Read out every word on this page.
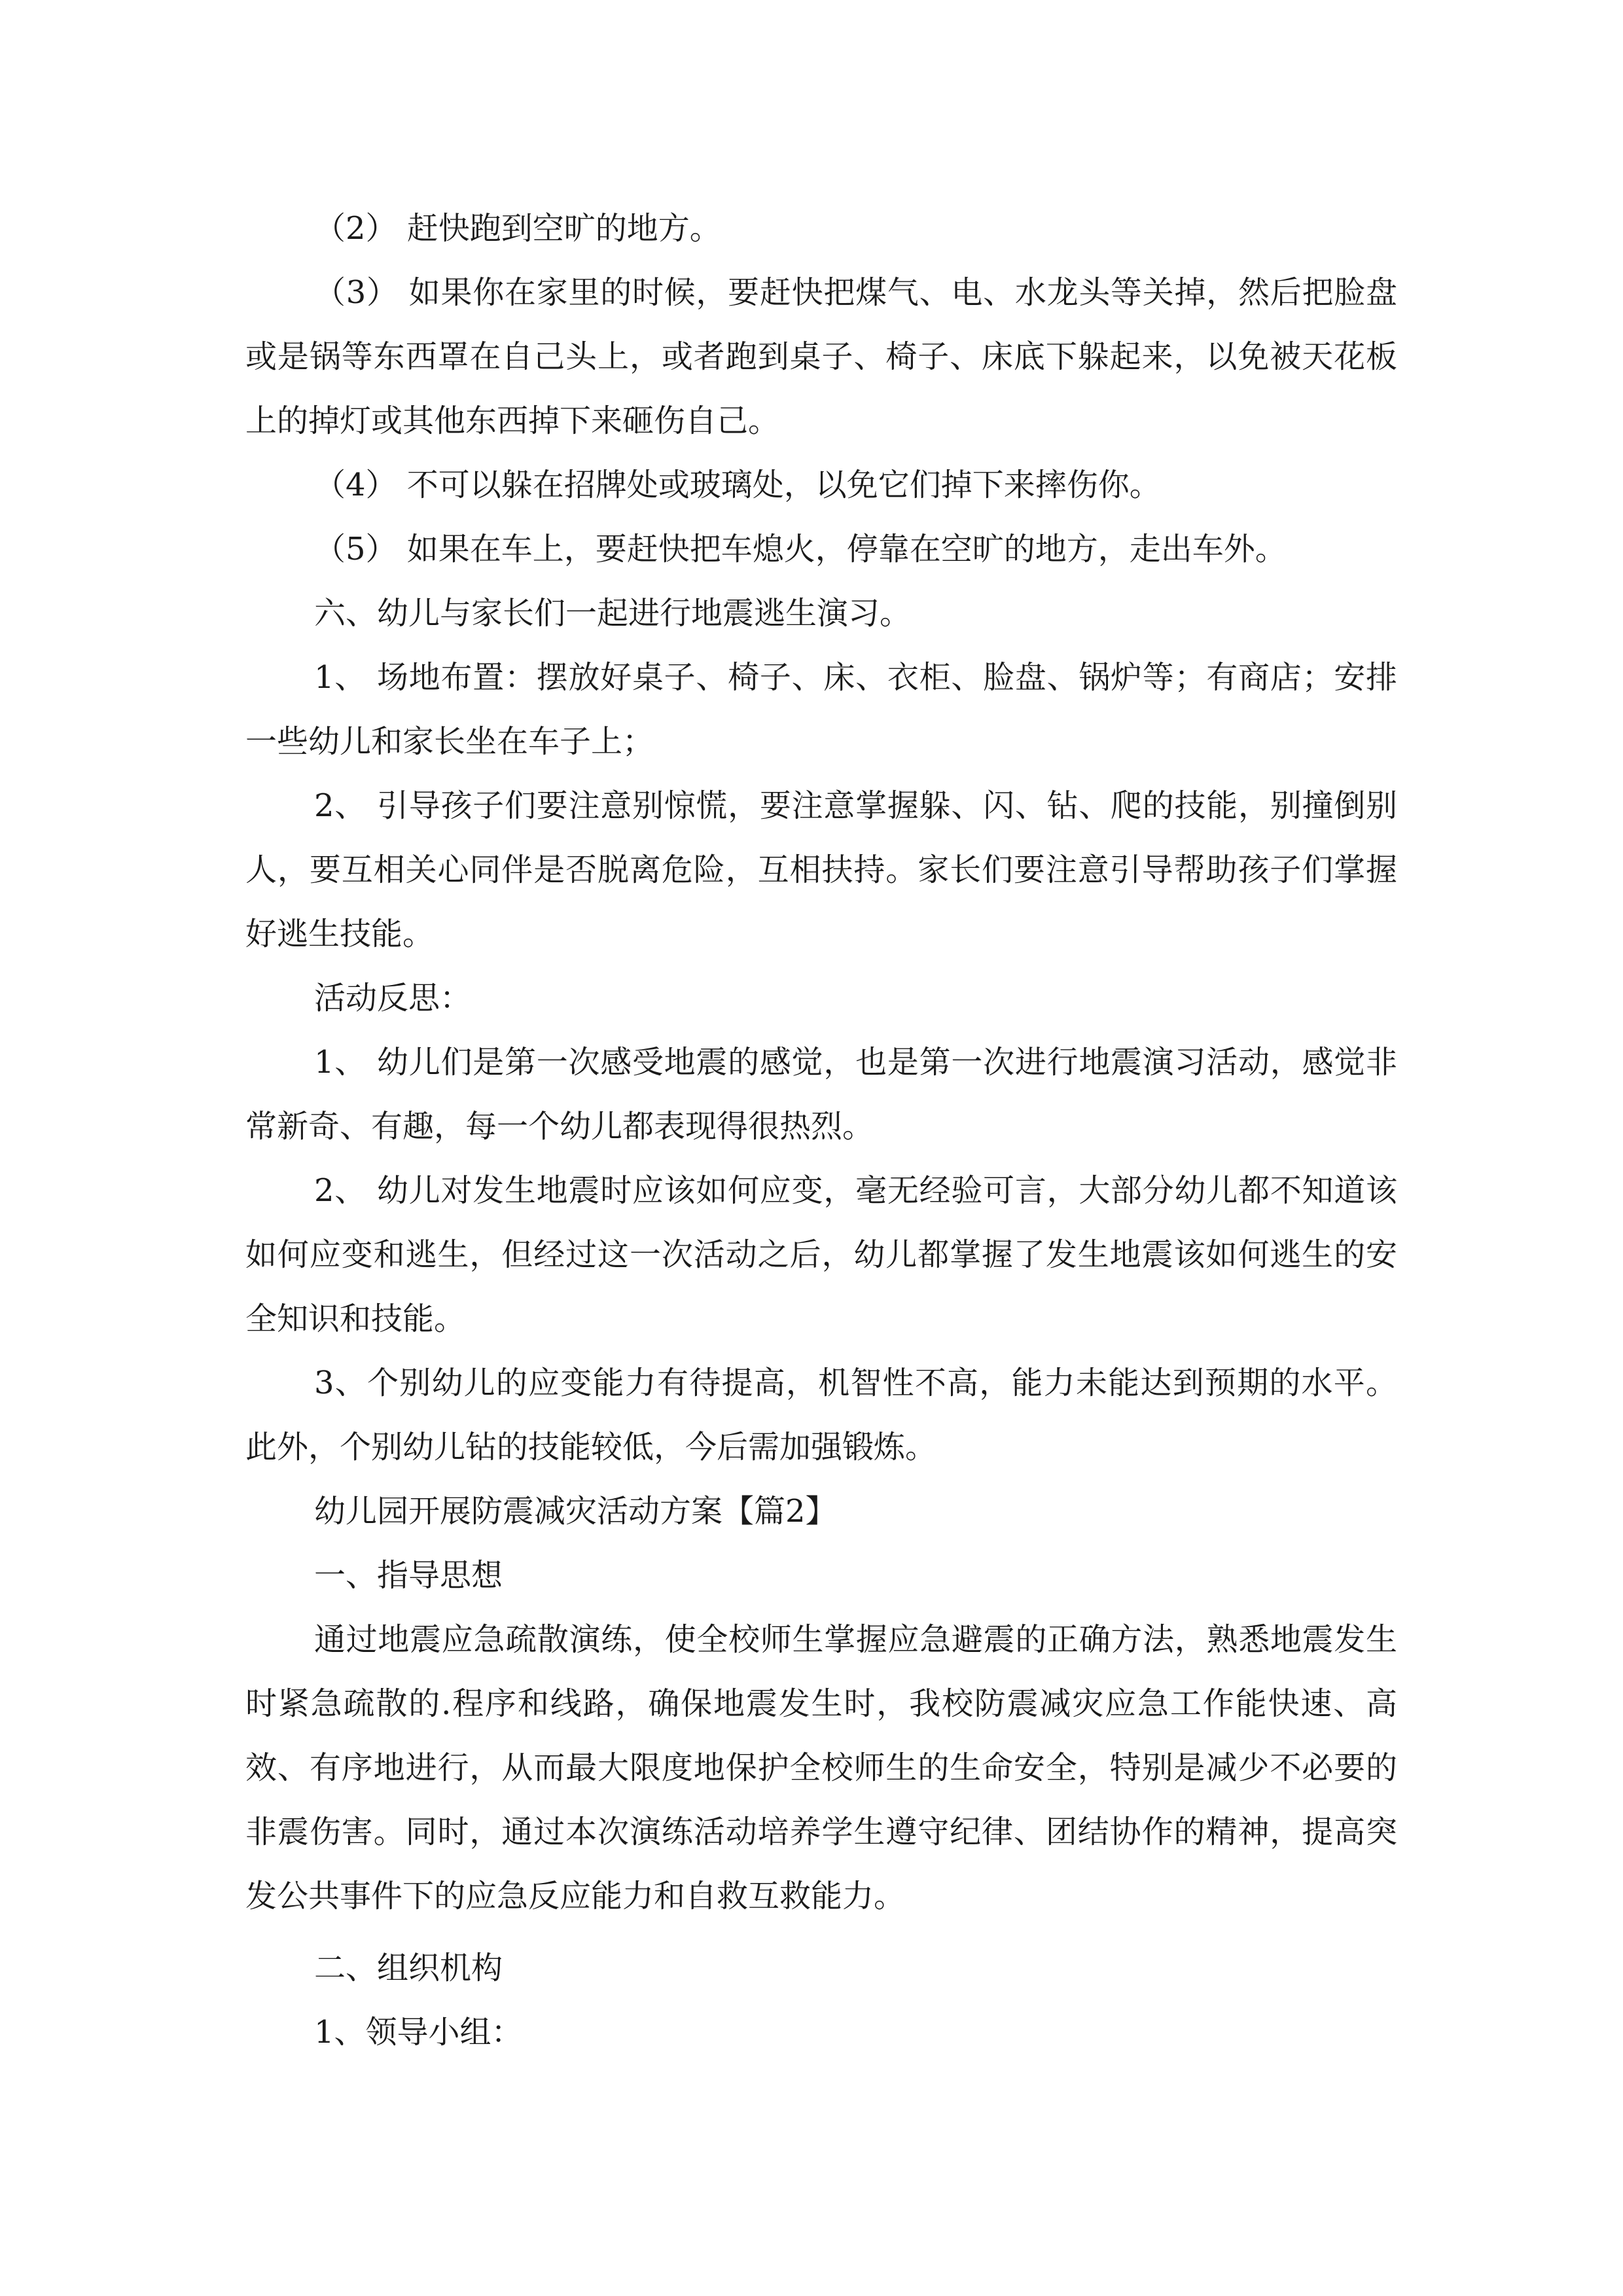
（2） 赶快跑到空旷的地方。

（3） 如果你在家里的时候，要赶快把煤气、电、水龙头等关掉，然后把脸盘或是锅等东西罩在自己头上，或者跑到桌子、椅子、床底下躲起来，以免被天花板上的掉灯或其他东西掉下来砸伤自己。

（4） 不可以躲在招牌处或玻璃处，以免它们掉下来摔伤你。

（5） 如果在车上，要赶快把车熄火，停靠在空旷的地方，走出车外。

六、幼儿与家长们一起进行地震逃生演习。

1、 场地布置：摆放好桌子、椅子、床、衣柜、脸盘、锅炉等；有商店；安排一些幼儿和家长坐在车子上；

2、 引导孩子们要注意别惊慌，要注意掌握躲、闪、钻、爬的技能，别撞倒别人，要互相关心同伴是否脱离危险，互相扶持。家长们要注意引导帮助孩子们掌握好逃生技能。

活动反思：

1、 幼儿们是第一次感受地震的感觉，也是第一次进行地震演习活动，感觉非常新奇、有趣，每一个幼儿都表现得很热烈。

2、 幼儿对发生地震时应该如何应变，毫无经验可言，大部分幼儿都不知道该如何应变和逃生，但经过这一次活动之后，幼儿都掌握了发生地震该如何逃生的安全知识和技能。

3、个别幼儿的应变能力有待提高，机智性不高，能力未能达到预期的水平。此外，个别幼儿钻的技能较低，今后需加强锻炼。

幼儿园开展防震减灾活动方案【篇2】

一、指导思想

通过地震应急疏散演练，使全校师生掌握应急避震的正确方法，熟悉地震发生时紧急疏散的.程序和线路，确保地震发生时，我校防震减灾应急工作能快速、高效、有序地进行，从而最大限度地保护全校师生的生命安全，特别是减少不必要的非震伤害。同时，通过本次演练活动培养学生遵守纪律、团结协作的精神，提高突发公共事件下的应急反应能力和自救互救能力。

二、组织机构

1、领导小组：
